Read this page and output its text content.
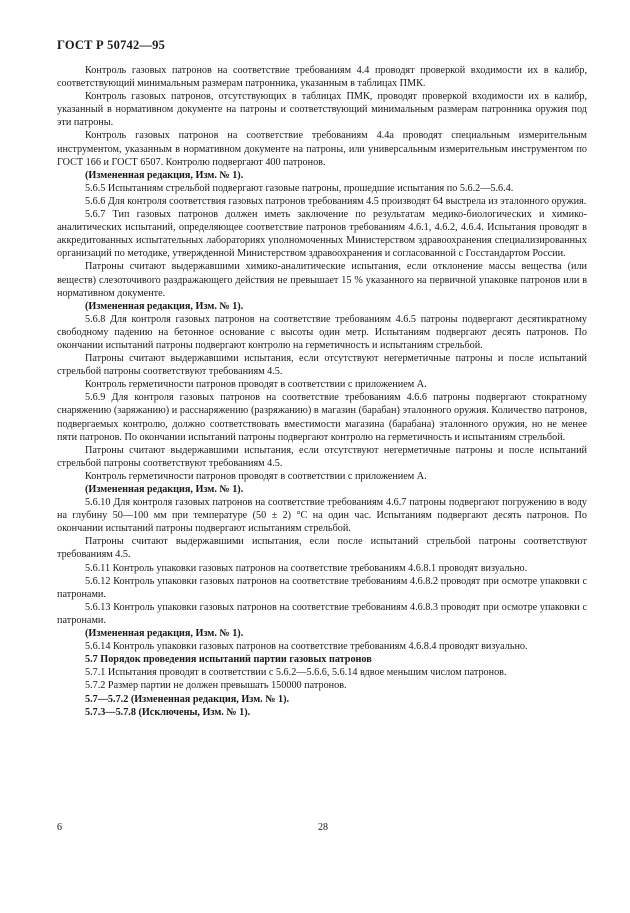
ГОСТ Р 50742—95

Контроль газовых патронов на соответствие требованиям 4.4 проводят проверкой входимости их в калибр, соответствующий минимальным размерам патронника, указанным в таблицах ПМК.

Контроль газовых патронов, отсутствующих в таблицах ПМК, проводят проверкой входимости их в калибр, указанный в нормативном документе на патроны и соответствующий минимальным размерам патронника оружия под эти патроны.

Контроль газовых патронов на соответствие требованиям 4.4а проводят специальным измерительным инструментом, указанным в нормативном документе на патроны, или универсальным измерительным инструментом по ГОСТ 166 и ГОСТ 6507. Контролю подвергают 400 патронов.

(Измененная редакция, Изм. № 1).

5.6.5 Испытаниям стрельбой подвергают газовые патроны, прошедшие испытания по 5.6.2—5.6.4.

5.6.6 Для контроля соответствия газовых патронов требованиям 4.5 производят 64 выстрела из эталонного оружия.

5.6.7 Тип газовых патронов должен иметь заключение по результатам медико-биологических и химико-аналитических испытаний, определяющее соответствие патронов требованиям 4.6.1, 4.6.2, 4.6.4. Испытания проводят в аккредитованных испытательных лабораториях уполномоченных Министерством здравоохранения специализированных организаций по методике, утвержденной Министерством здравоохранения и согласованной с Госстандартом России.

Патроны считают выдержавшими химико-аналитические испытания, если отклонение массы вещества (или веществ) слезоточивого раздражающего действия не превышает 15 % указанного на первичной упаковке патронов или в нормативном документе.

(Измененная редакция, Изм. № 1).

5.6.8 Для контроля газовых патронов на соответствие требованиям 4.6.5 патроны подвергают десятикратному свободному падению на бетонное основание с высоты один метр. Испытаниям подвергают десять патронов. По окончании испытаний патроны подвергают контролю на герметичность и испытаниям стрельбой.

Патроны считают выдержавшими испытания, если отсутствуют негерметичные патроны и после испытаний стрельбой патроны соответствуют требованиям 4.5.

Контроль герметичности патронов проводят в соответствии с приложением А.

5.6.9 Для контроля газовых патронов на соответствие требованиям 4.6.6 патроны подвергают стократному снаряжению (заряжанию) и расснаряжению (разряжанию) в магазин (барабан) эталонного оружия. Количество патронов, подвергаемых контролю, должно соответствовать вместимости магазина (барабана) эталонного оружия, но не менее пяти патронов. По окончании испытаний патроны подвергают контролю на герметичность и испытаниям стрельбой.

Патроны считают выдержавшими испытания, если отсутствуют негерметичные патроны и после испытаний стрельбой патроны соответствуют требованиям 4.5.

Контроль герметичности патронов проводят в соответствии с приложением А.

(Измененная редакция, Изм. № 1).

5.6.10 Для контроля газовых патронов на соответствие требованиям 4.6.7 патроны подвергают погружению в воду на глубину 50—100 мм при температуре (50 ± 2) °С на один час. Испытаниям подвергают десять патронов. По окончании испытаний патроны подвергают испытаниям стрельбой.

Патроны считают выдержавшими испытания, если после испытаний стрельбой патроны соответствуют требованиям 4.5.

5.6.11 Контроль упаковки газовых патронов на соответствие требованиям 4.6.8.1 проводят визуально.

5.6.12 Контроль упаковки газовых патронов на соответствие требованиям 4.6.8.2 проводят при осмотре упаковки с патронами.

5.6.13 Контроль упаковки газовых патронов на соответствие требованиям 4.6.8.3 проводят при осмотре упаковки с патронами.

(Измененная редакция, Изм. № 1).

5.6.14 Контроль упаковки газовых патронов на соответствие требованиям 4.6.8.4 проводят визуально.

5.7 Порядок проведения испытаний партии газовых патронов

5.7.1 Испытания проводят в соответствии с 5.6.2—5.6.6, 5.6.14 вдвое меньшим числом патронов.

5.7.2 Размер партии не должен превышать 150000 патронов.

5.7—5.7.2 (Измененная редакция, Изм. № 1).

5.7.3—5.7.8 (Исключены, Изм. № 1).

6	28
